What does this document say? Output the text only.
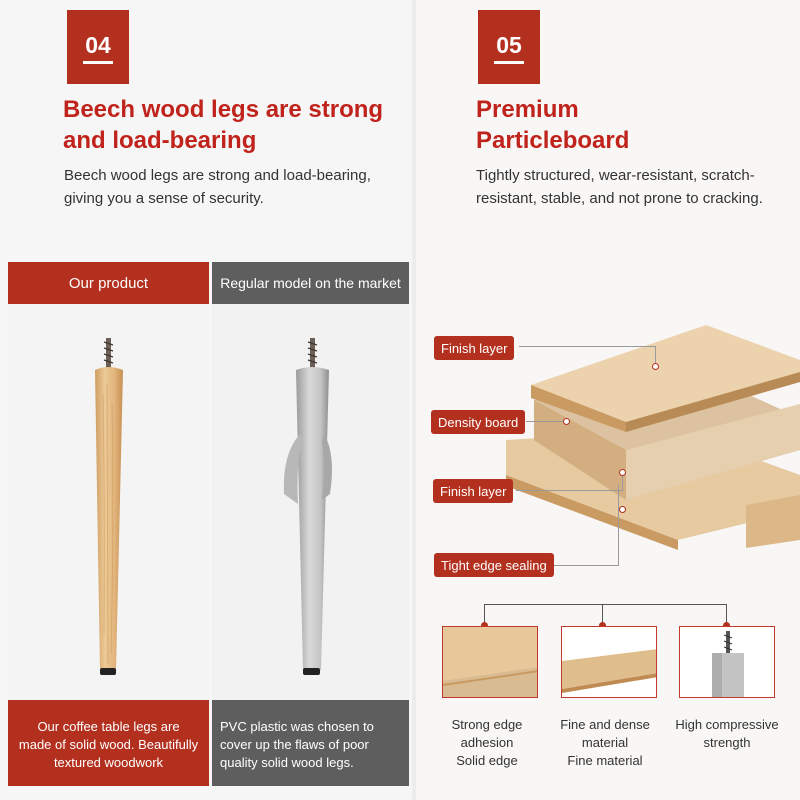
04
Beech wood legs are strong
and load-bearing
Beech wood legs are strong and load-bearing,
giving you a sense of security.
Our product	Regular model on the market
Our coffee table legs are
made of solid wood. Beautifully
textured woodwork
PVC plastic was chosen to
cover up the flaws of poor
quality solid wood legs.
05
Premium
Particleboard
Tightly structured, wear-resistant, scratch-
resistant, stable, and not prone to cracking.
Finish layer
Density board
Finish layer
Tight edge sealing
Strong edge
adhesion
Solid edge
Fine and dense
material
Fine material
High compressive
strength
